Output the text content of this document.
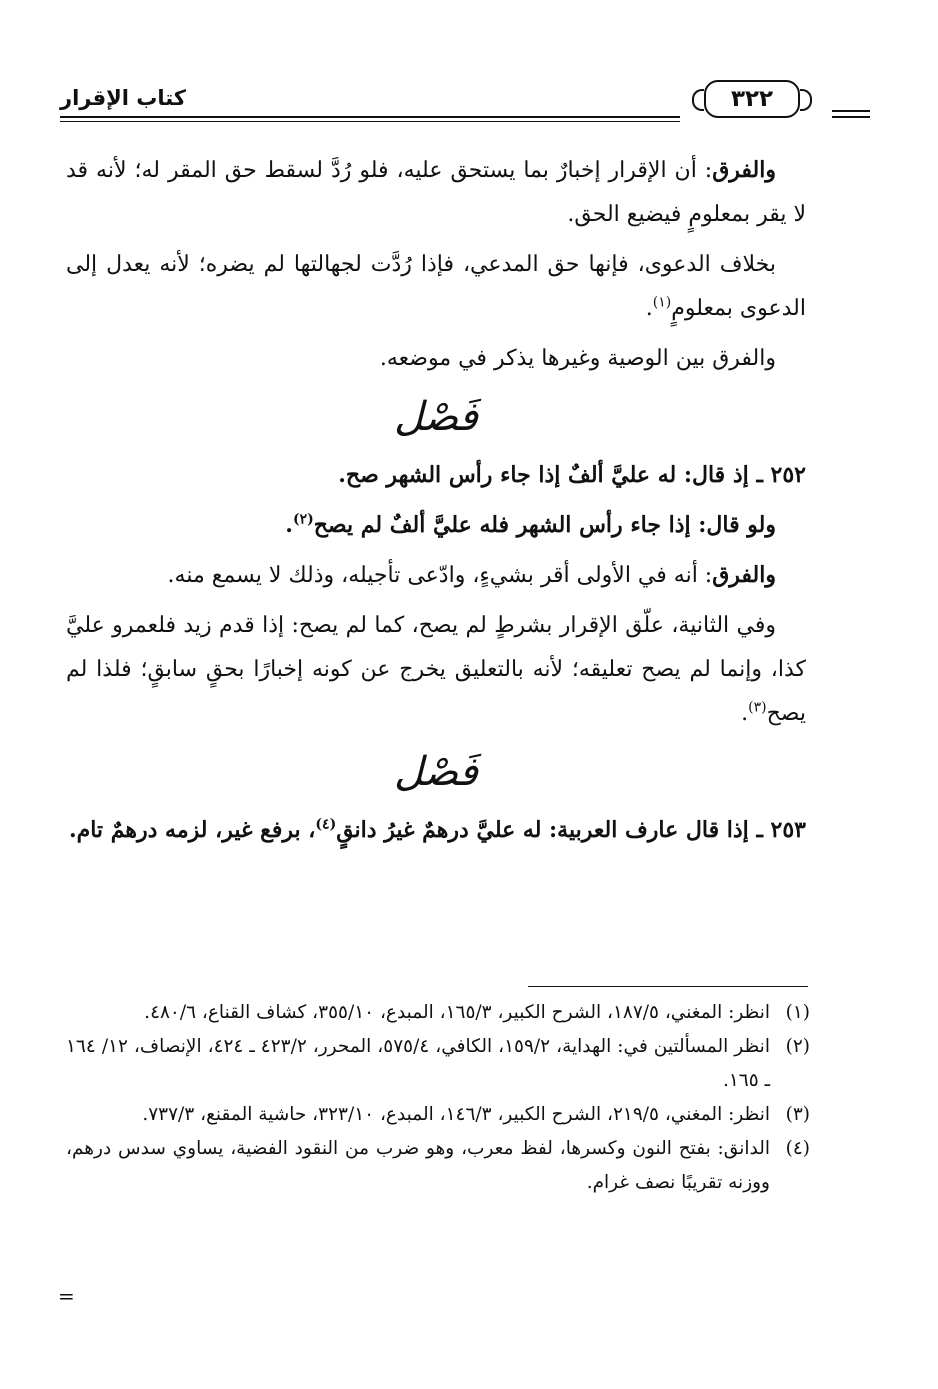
كتاب الإقرار	٣٢٢

والفرق: أن الإقرار إخبارٌ بما يستحق عليه، فلو رُدَّ لسقط حق المقر له؛ لأنه قد لا يقر بمعلومٍ فيضيع الحق.

بخلاف الدعوى، فإنها حق المدعي، فإذا رُدَّت لجهالتها لم يضره؛ لأنه يعدل إلى الدعوى بمعلومٍ$^{(١)}$.

والفرق بين الوصية وغيرها يذكر في موضعه.

فَصْل

٢٥٢ ـ إذ قال: له عليَّ ألفٌ إذا جاء رأس الشهر صح.

ولو قال: إذا جاء رأس الشهر فله عليَّ ألفٌ لم يصح$^{(٢)}$.

والفرق: أنه في الأولى أقر بشيءٍ، وادّعى تأجيله، وذلك لا يسمع منه.

وفي الثانية، علّق الإقرار بشرطٍ لم يصح، كما لم يصح: إذا قدم زيد فلعمرو عليَّ كذا، وإنما لم يصح تعليقه؛ لأنه بالتعليق يخرج عن كونه إخبارًا بحقٍ سابقٍ؛ فلذا لم يصح$^{(٣)}$.

فَصْل

٢٥٣ ـ إذا قال عارف العربية: له عليَّ درهمٌ غيرُ دانقٍ$^{(٤)}$، برفع غير، لزمه درهمٌ تام.

(١)
انظر: المغني، ١٨٧/٥، الشرح الكبير، ١٦٥/٣، المبدع، ٣٥٥/١٠، كشاف القناع، ٤٨٠/٦.
(٢)
انظر المسألتين في: الهداية، ١٥٩/٢، الكافي، ٥٧٥/٤، المحرر، ٤٢٣/٢ ـ ٤٢٤، الإنصاف، ١٢/ ١٦٤ ـ ١٦٥.
(٣)
انظر: المغني، ٢١٩/٥، الشرح الكبير، ١٤٦/٣، المبدع، ٣٢٣/١٠، حاشية المقنع، ٧٣٧/٣.
(٤)
الدانق: بفتح النون وكسرها، لفظ معرب، وهو ضرب من النقود الفضية، يساوي سدس درهم، ووزنه تقريبًا نصف غرام.
=
